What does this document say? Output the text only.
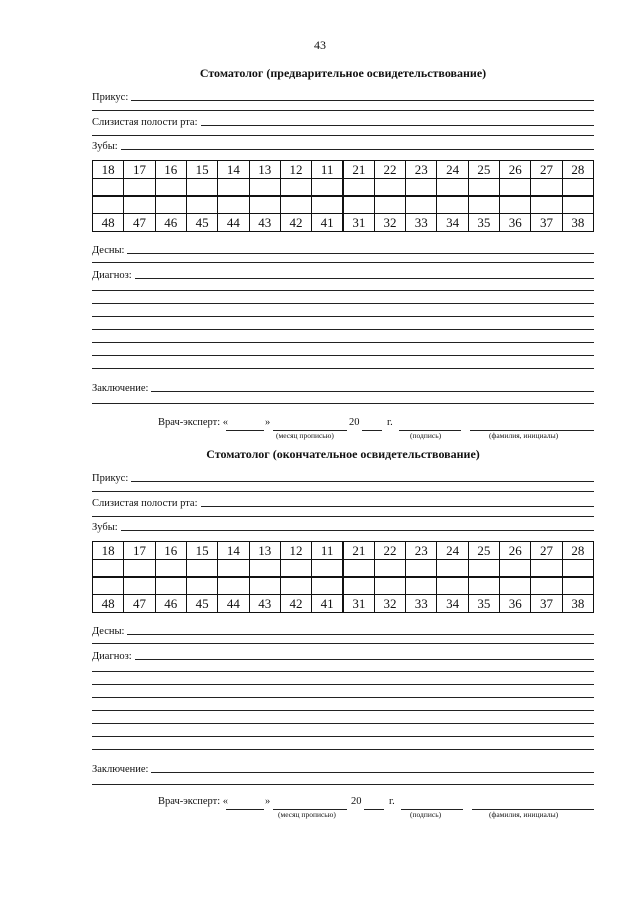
43
Стоматолог (предварительное освидетельствование)
Прикус:
Слизистая полости рта:
Зубы:
18	17	16	15	14	13	12	11	21	22	23	24	25	26	27	28

48	47	46	45	44	43	42	41	31	32	33	34	35	36	37	38
Десны:
Диагноз:
Заключение:
Врач-эксперт: «	»
(месяц прописью)
20	г.
(подпись)	(фамилия, инициалы)
Стоматолог (окончательное освидетельствование)
Прикус:
Слизистая полости рта:
Зубы:
18	17	16	15	14	13	12	11	21	22	23	24	25	26	27	28

48	47	46	45	44	43	42	41	31	32	33	34	35	36	37	38
Десны:
Диагноз:
Заключение:
Врач-эксперт: «	»
(месяц прописью)
20	г.
(подпись)	(фамилия, инициалы)
